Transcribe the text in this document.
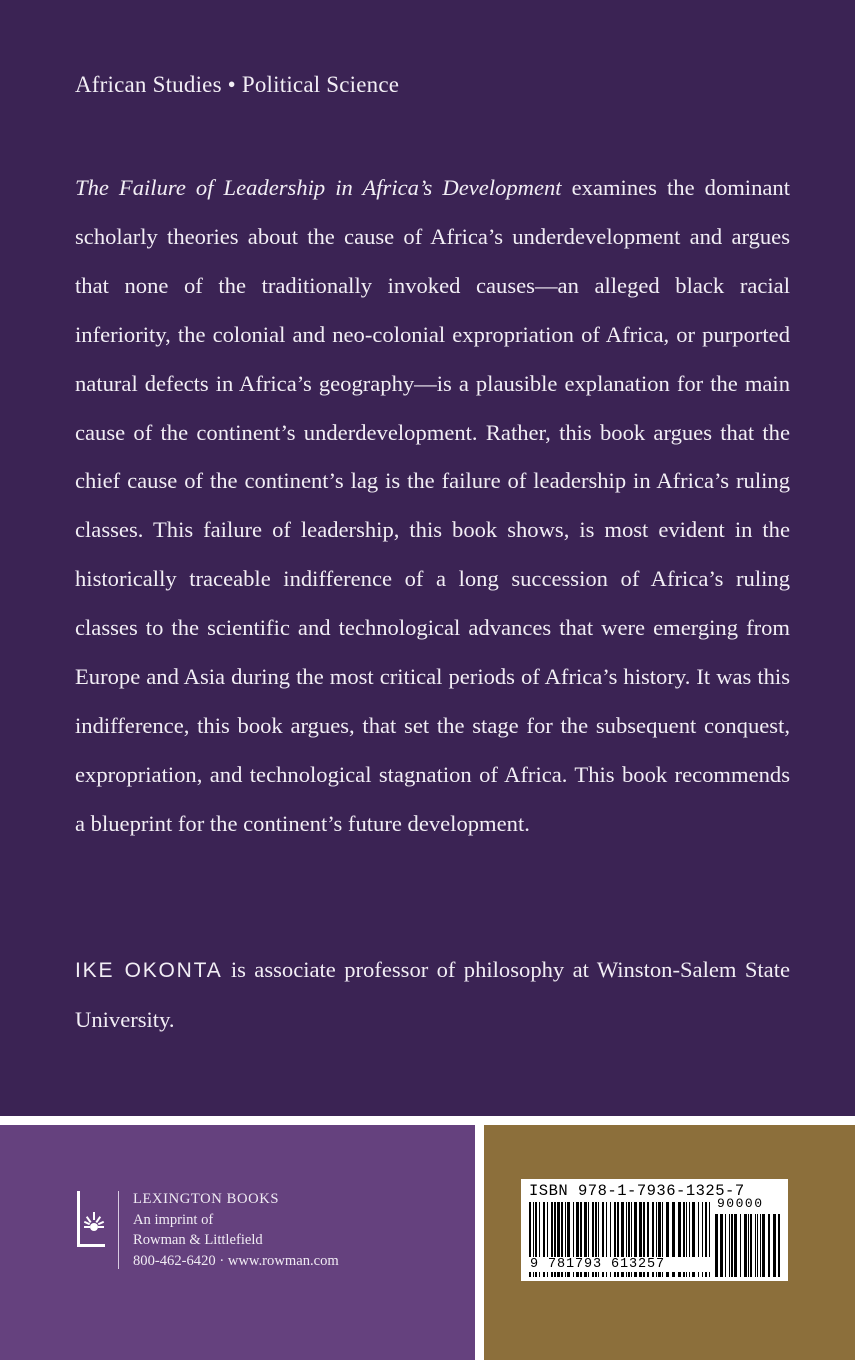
African Studies • Political Science
The Failure of Leadership in Africa’s Development examines the dominant scholarly theories about the cause of Africa’s underdevelopment and argues that none of the traditionally invoked causes—an alleged black racial inferiority, the colonial and neo-colonial expropriation of Africa, or purported natural defects in Africa’s geography—is a plausible explanation for the main cause of the continent’s underdevelopment. Rather, this book argues that the chief cause of the continent’s lag is the failure of leadership in Africa’s ruling classes. This failure of leadership, this book shows, is most evident in the historically traceable indifference of a long succession of Africa’s ruling classes to the scientific and technological advances that were emerging from Europe and Asia during the most critical periods of Africa’s history. It was this indifference, this book argues, that set the stage for the subsequent conquest, expropriation, and technological stagnation of Africa. This book recommends a blueprint for the continent’s future development.
IKE OKONTA is associate professor of philosophy at Winston-Salem State University.
LEXINGTON BOOKS
An imprint of
Rowman & Littlefield
800-462-6420 · www.rowman.com
ISBN 978-1-7936-1325-7
90000
9 781793 613257
